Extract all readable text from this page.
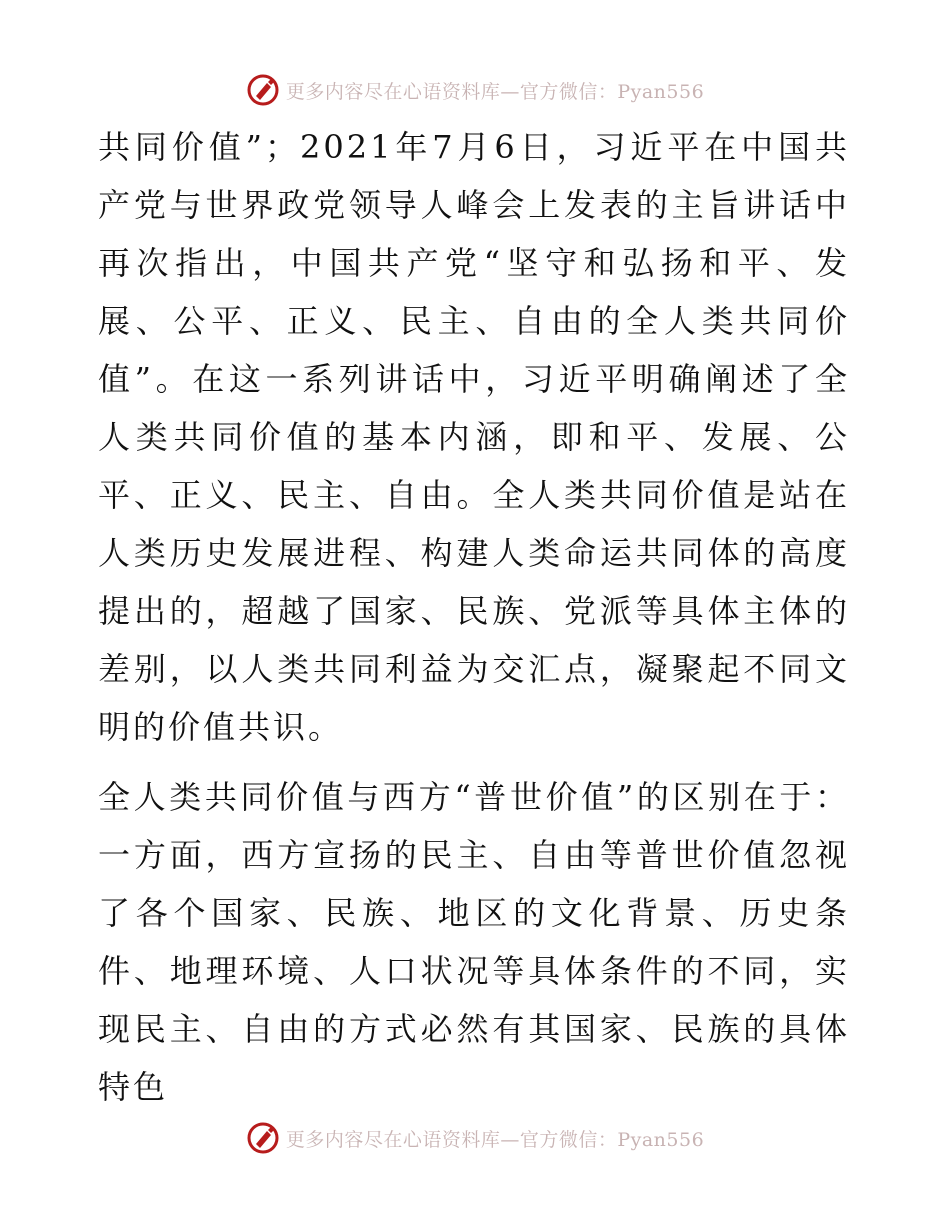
更多内容尽在心语资料库—官方微信：Pyan556

共同价值”；2021年7月6日，习近平在中国共产党与世界政党领导人峰会上发表的主旨讲话中再次指出，中国共产党“坚守和弘扬和平、发展、公平、正义、民主、自由的全人类共同价值”。在这一系列讲话中，习近平明确阐述了全人类共同价值的基本内涵，即和平、发展、公平、正义、民主、自由。全人类共同价值是站在人类历史发展进程、构建人类命运共同体的高度提出的，超越了国家、民族、党派等具体主体的差别，以人类共同利益为交汇点，凝聚起不同文明的价值共识。

全人类共同价值与西方“普世价值”的区别在于：一方面，西方宣扬的民主、自由等普世价值忽视了各个国家、民族、地区的文化背景、历史条件、地理环境、人口状况等具体条件的不同，实现民主、自由的方式必然有其国家、民族的具体特色

更多内容尽在心语资料库—官方微信：Pyan556
